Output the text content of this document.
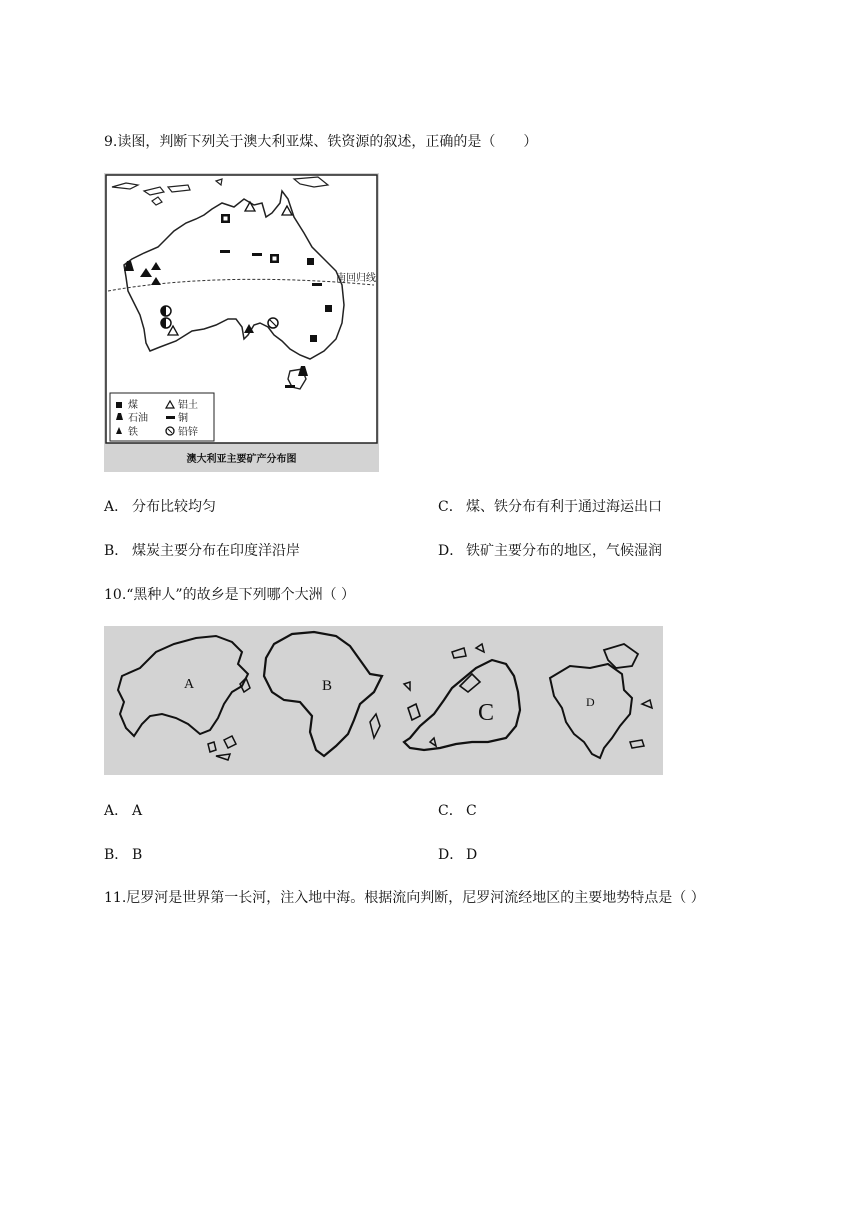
9.读图，判断下列关于澳大利亚煤、铁资源的叙述，正确的是（　　）
南回归线
煤
石油
铁
铝土
铜
铅锌
澳大利亚主要矿产分布图
A． 分布比较均匀	C． 煤、铁分布有利于通过海运出口
B． 煤炭主要分布在印度洋沿岸	D． 铁矿主要分布的地区，气候湿润
10.“黑种人”的故乡是下列哪个大洲（ ）
A	B
C	D
A． A	C． C
B． B	D． D
11.尼罗河是世界第一长河，注入地中海。根据流向判断，尼罗河流经地区的主要地势特点是（ ）
